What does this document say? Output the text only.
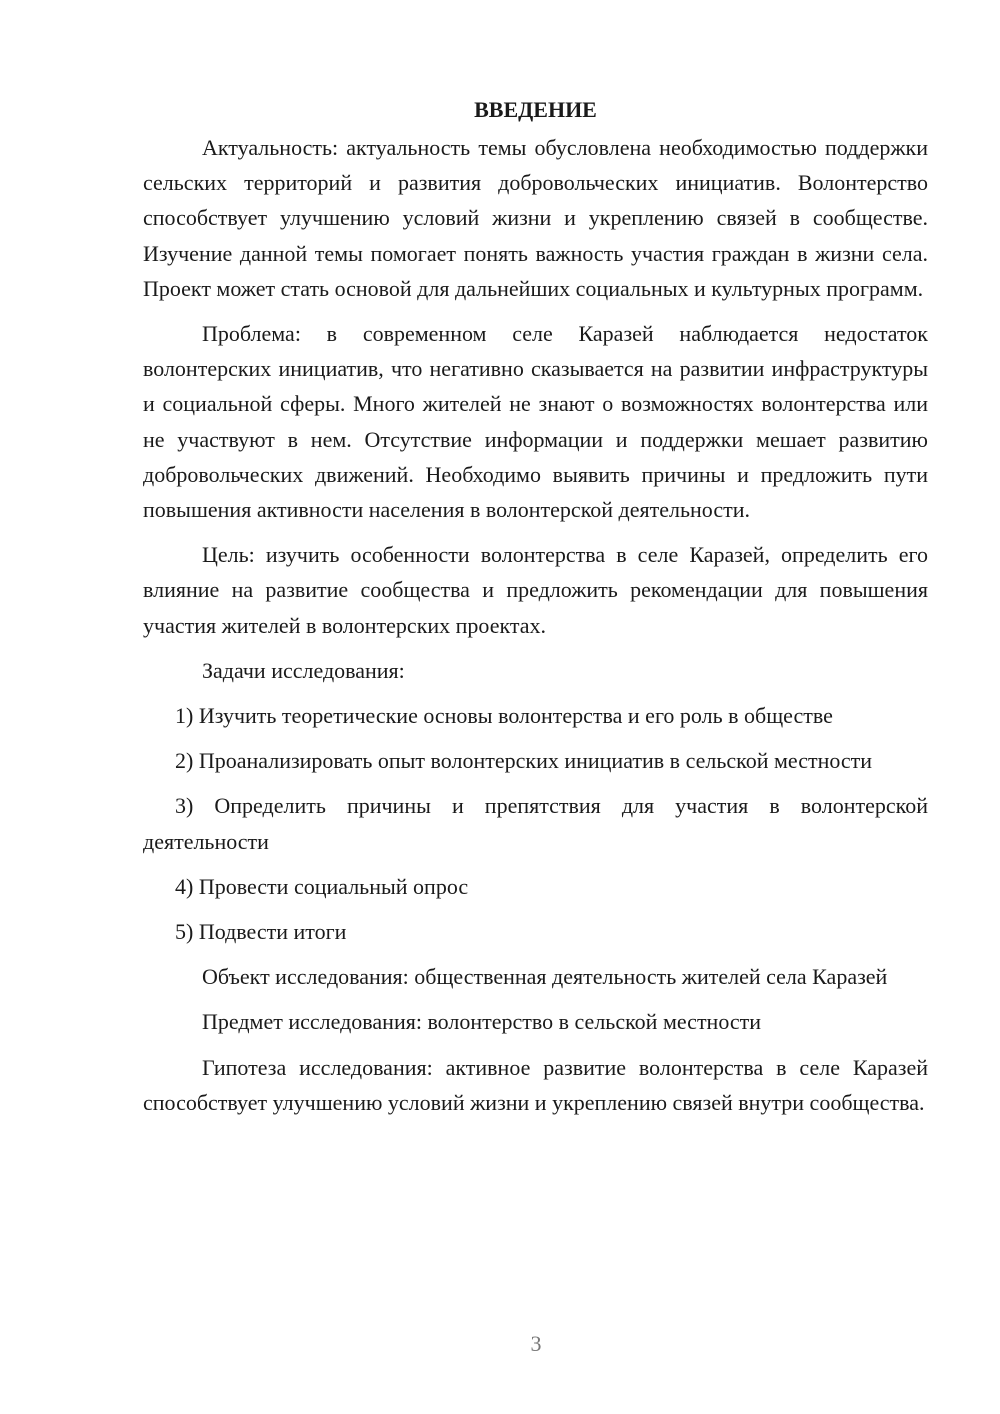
ВВЕДЕНИЕ

Актуальность: актуальность темы обусловлена необходимостью поддержки сельских территорий и развития добровольческих инициатив. Волонтерство способствует улучшению условий жизни и укреплению связей в сообществе. Изучение данной темы помогает понять важность участия граждан в жизни села. Проект может стать основой для дальнейших социальных и культурных программ.

Проблема: в современном селе Каразей наблюдается недостаток волонтерских инициатив, что негативно сказывается на развитии инфраструктуры и социальной сферы. Много жителей не знают о возможностях волонтерства или не участвуют в нем. Отсутствие информации и поддержки мешает развитию добровольческих движений. Необходимо выявить причины и предложить пути повышения активности населения в волонтерской деятельности.

Цель: изучить особенности волонтерства в селе Каразей, определить его влияние на развитие сообщества и предложить рекомендации для повышения участия жителей в волонтерских проектах.

Задачи исследования:

1) Изучить теоретические основы волонтерства и его роль в обществе

2) Проанализировать опыт волонтерских инициатив в сельской местности

3) Определить причины и препятствия для участия в волонтерской деятельности

4) Провести социальный опрос

5) Подвести итоги

Объект исследования: общественная деятельность жителей села Каразей

Предмет исследования: волонтерство в сельской местности

Гипотеза исследования: активное развитие волонтерства в селе Каразей способствует улучшению условий жизни и укреплению связей внутри сообщества.

3
